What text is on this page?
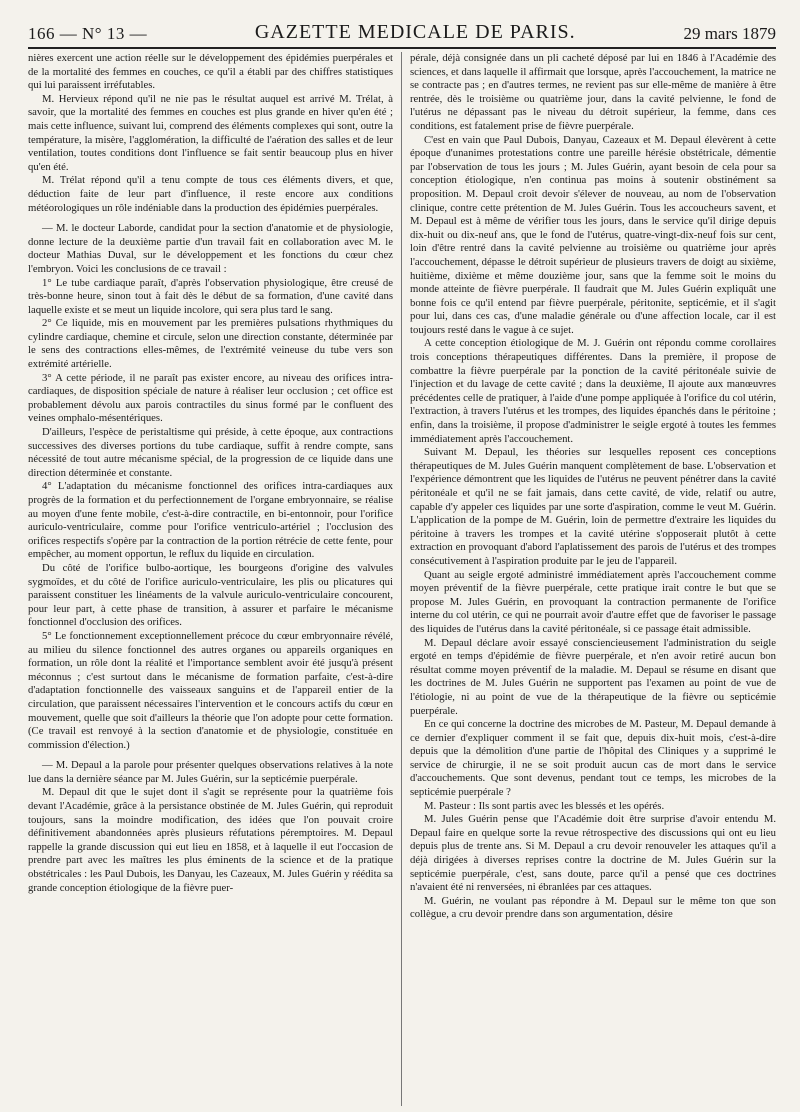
166 — N° 13 —	GAZETTE MEDICALE DE PARIS.	29 mars 1879

nières exercent une action réelle sur le développement des épidémies puerpérales et de la mortalité des femmes en couches, ce qu'il a établi par des chiffres statistiques qui lui paraissent irréfutables.

M. Hervieux répond qu'il ne nie pas le résultat auquel est arrivé M. Trélat, à savoir, que la mortalité des femmes en couches est plus grande en hiver qu'en été ; mais cette influence, suivant lui, comprend des éléments complexes qui sont, outre la température, la misère, l'agglomération, la difficulté de l'aération des salles et de leur ventilation, toutes conditions dont l'influence se fait sentir beaucoup plus en hiver qu'en été.

M. Trélat répond qu'il a tenu compte de tous ces éléments divers, et que, déduction faite de leur part d'influence, il reste encore aux conditions météorologiques un rôle indéniable dans la production des épidémies puerpérales.

— M. le docteur Laborde, candidat pour la section d'anatomie et de physiologie, donne lecture de la deuxième partie d'un travail fait en collaboration avec M. le docteur Mathias Duval, sur le développement et les fonctions du cœur chez l'embryon. Voici les conclusions de ce travail :

1° Le tube cardiaque paraît, d'après l'observation physiologique, être creusé de très-bonne heure, sinon tout à fait dès le début de sa formation, d'une cavité dans laquelle existe et se meut un liquide incolore, qui sera plus tard le sang.

2° Ce liquide, mis en mouvement par les premières pulsations rhythmiques du cylindre cardiaque, chemine et circule, selon une direction constante, déterminée par le sens des contractions elles-mêmes, de l'extrémité veineuse du tube vers son extrémité artérielle.

3° A cette période, il ne paraît pas exister encore, au niveau des orifices intra-cardiaques, de disposition spéciale de nature à réaliser leur occlusion ; cet office est probablement dévolu aux parois contractiles du sinus formé par le confluent des veines omphalo-mésentériques.

D'ailleurs, l'espèce de peristaltisme qui préside, à cette époque, aux contractions successives des diverses portions du tube cardiaque, suffit à rendre compte, sans nécessité de tout autre mécanisme spécial, de la progression de ce liquide dans une direction déterminée et constante.

4° L'adaptation du mécanisme fonctionnel des orifices intra-cardiaques aux progrès de la formation et du perfectionnement de l'organe embryonnaire, se réalise au moyen d'une fente mobile, c'est-à-dire contractile, en bi-entonnoir, pour l'orifice auriculo-ventriculaire, comme pour l'orifice ventriculo-artériel ; l'occlusion des orifices respectifs s'opère par la contraction de la portion rétrécie de cette fente, pour empêcher, au moment opportun, le reflux du liquide en circulation.

Du côté de l'orifice bulbo-aortique, les bourgeons d'origine des valvules sygmoïdes, et du côté de l'orifice auriculo-ventriculaire, les plis ou plicatures qui paraissent constituer les linéaments de la valvule auriculo-ventriculaire concourent, pour leur part, à cette phase de transition, à assurer et parfaire le mécanisme fonctionnel d'occlusion des orifices.

5° Le fonctionnement exceptionnellement précoce du cœur embryonnaire révélé, au milieu du silence fonctionnel des autres organes ou appareils organiques en formation, un rôle dont la réalité et l'importance semblent avoir été jusqu'à présent méconnus ; c'est surtout dans le mécanisme de formation parfaite, c'est-à-dire d'adaptation fonctionnelle des vaisseaux sanguins et de l'appareil entier de la circulation, que paraissent nécessaires l'intervention et le concours actifs du cœur en mouvement, quelle que soit d'ailleurs la théorie que l'on adopte pour cette formation. (Ce travail est renvoyé à la section d'anatomie et de physiologie, constituée en commission d'élection.)

— M. Depaul a la parole pour présenter quelques observations relatives à la note lue dans la dernière séance par M. Jules Guérin, sur la septicémie puerpérale.

M. Depaul dit que le sujet dont il s'agit se représente pour la quatrième fois devant l'Académie, grâce à la persistance obstinée de M. Jules Guérin, qui reproduit toujours, sans la moindre modification, des idées que l'on pouvait croire définitivement abandonnées après plusieurs réfutations péremptoires. M. Depaul rappelle la grande discussion qui eut lieu en 1858, et à laquelle il eut l'occasion de prendre part avec les maîtres les plus éminents de la science et de la pratique obstétricales : les Paul Dubois, les Danyau, les Cazeaux, M. Jules Guérin y réédita sa grande conception étiologique de la fièvre puer-

pérale, déjà consignée dans un pli cacheté déposé par lui en 1846 à l'Académie des sciences, et dans laquelle il affirmait que lorsque, après l'accouchement, la matrice ne se contracte pas ; en d'autres termes, ne revient pas sur elle-même de manière à être rentrée, dès le troisième ou quatrième jour, dans la cavité pelvienne, le fond de l'utérus ne dépassant pas le niveau du détroit supérieur, la femme, dans ces conditions, est fatalement prise de fièvre puerpérale.

C'est en vain que Paul Dubois, Danyau, Cazeaux et M. Depaul élevèrent à cette époque d'unanimes protestations contre une pareille hérésie obstétricale, démentie par l'observation de tous les jours ; M. Jules Guérin, ayant besoin de cela pour sa conception étiologique, n'en continua pas moins à soutenir obstinément sa proposition. M. Depaul croit devoir s'élever de nouveau, au nom de l'observation clinique, contre cette prétention de M. Jules Guérin. Tous les accoucheurs savent, et M. Depaul est à même de vérifier tous les jours, dans le service qu'il dirige depuis dix-huit ou dix-neuf ans, que le fond de l'utérus, quatre-vingt-dix-neuf fois sur cent, loin d'être rentré dans la cavité pelvienne au troisième ou quatrième jour après l'accouchement, dépasse le détroit supérieur de plusieurs travers de doigt au sixième, huitième, dixième et même douzième jour, sans que la femme soit le moins du monde atteinte de fièvre puerpérale. Il faudrait que M. Jules Guérin expliquât une bonne fois ce qu'il entend par fièvre puerpérale, péritonite, septicémie, et il s'agit pour lui, dans ces cas, d'une maladie générale ou d'une affection locale, car il est toujours resté dans le vague à ce sujet.

A cette conception étiologique de M. J. Guérin ont répondu comme corollaires trois conceptions thérapeutiques différentes. Dans la première, il propose de combattre la fièvre puerpérale par la ponction de la cavité péritonéale suivie de l'injection et du lavage de cette cavité ; dans la deuxième, Il ajoute aux manœuvres précédentes celle de pratiquer, à l'aide d'une pompe appliquée à l'orifice du col utérin, l'extraction, à travers l'utérus et les trompes, des liquides épanchés dans le péritoine ; enfin, dans la troisième, il propose d'administrer le seigle ergoté à toutes les femmes immédiatement après l'accouchement.

Suivant M. Depaul, les théories sur lesquelles reposent ces conceptions thérapeutiques de M. Jules Guérin manquent complètement de base. L'observation et l'expérience démontrent que les liquides de l'utérus ne peuvent pénétrer dans la cavité péritonéale et qu'il ne se fait jamais, dans cette cavité, de vide, relatif ou autre, capable d'y appeler ces liquides par une sorte d'aspiration, comme le veut M. Guérin. L'application de la pompe de M. Guérin, loin de permettre d'extraire les liquides du péritoine à travers les trompes et la cavité utérine s'opposerait plutôt à cette extraction en provoquant d'abord l'aplatissement des parois de l'utérus et des trompes consécutivement à l'aspiration produite par le jeu de l'appareil.

Quant au seigle ergoté administré immédiatement après l'accouchement comme moyen préventif de la fièvre puerpérale, cette pratique irait contre le but que se propose M. Jules Guérin, en provoquant la contraction permanente de l'orifice interne du col utérin, ce qui ne pourrait avoir d'autre effet que de favoriser le passage des liquides de l'utérus dans la cavité péritonéale, si ce passage était admissible.

M. Depaul déclare avoir essayé consciencieusement l'administration du seigle ergoté en temps d'épidémie de fièvre puerpérale, et n'en avoir retiré aucun bon résultat comme moyen préventif de la maladie. M. Depaul se résume en disant que les doctrines de M. Jules Guérin ne supportent pas l'examen au point de vue de l'étiologie, ni au point de vue de la thérapeutique de la fièvre ou septicémie puerpérale.

En ce qui concerne la doctrine des microbes de M. Pasteur, M. Depaul demande à ce dernier d'expliquer comment il se fait que, depuis dix-huit mois, c'est-à-dire depuis que la démolition d'une partie de l'hôpital des Cliniques y a supprimé le service de chirurgie, il ne se soit produit aucun cas de mort dans le service d'accouchements. Que sont devenus, pendant tout ce temps, les microbes de la septicémie puerpérale ?

M. Pasteur : Ils sont partis avec les blessés et les opérés.

M. Jules Guérin pense que l'Académie doit être surprise d'avoir entendu M. Depaul faire en quelque sorte la revue rétrospective des discussions qui ont eu lieu depuis plus de trente ans. Si M. Depaul a cru devoir renouveler les attaques qu'il a déjà dirigées à diverses reprises contre la doctrine de M. Jules Guérin sur la septicémie puerpérale, c'est, sans doute, parce qu'il a pensé que ces doctrines n'avaient été ni renversées, ni ébranlées par ces attaques.

M. Guérin, ne voulant pas répondre à M. Depaul sur le même ton que son collègue, a cru devoir prendre dans son argumentation, désire
